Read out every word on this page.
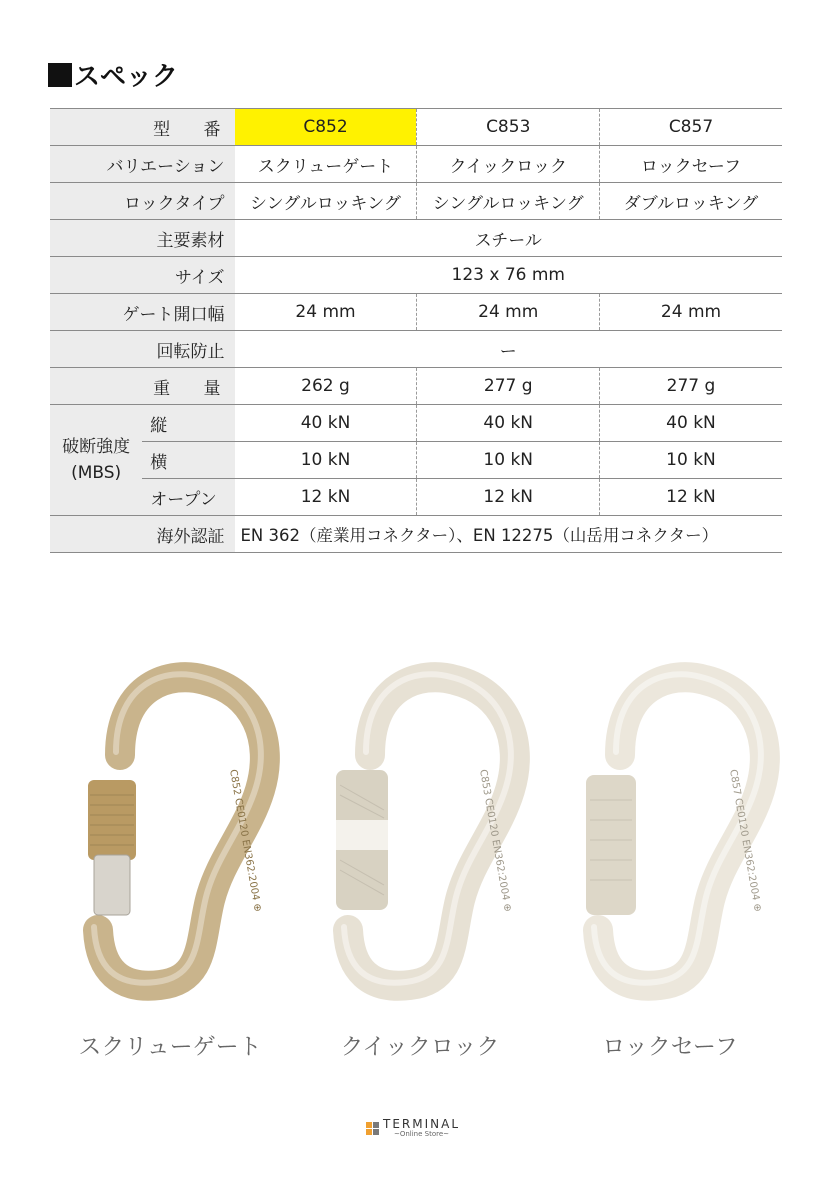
スペック
型 番		C852	C853	C857
バリエーション		スクリューゲート	クイックロック	ロックセーフ
ロックタイプ		シングルロッキング	シングルロッキング	ダブルロッキング
主要素材		スチール		
サイズ		123 x 76 mm		
ゲート開口幅		24 mm	24 mm	24 mm
回転防止		ー		
重 量		262 g	277 g	277 g

破断強度
(MBS)	縦	40 kN	40 kN	40 kN
	横	10 kN	10 kN	10 kN
	オープン	12 kN	12 kN	12 kN
海外認証		EN 362（産業用コネクター）、EN 12275（山岳用コネクター）		
C852 CE0120 EN362:2004 ⊕
スクリューゲート
C853 CE0120 EN362:2004 ⊕
クイックロック
C857 CE0120 EN362:2004 ⊕
ロックセーフ
TERMINAL
~Online Store~
